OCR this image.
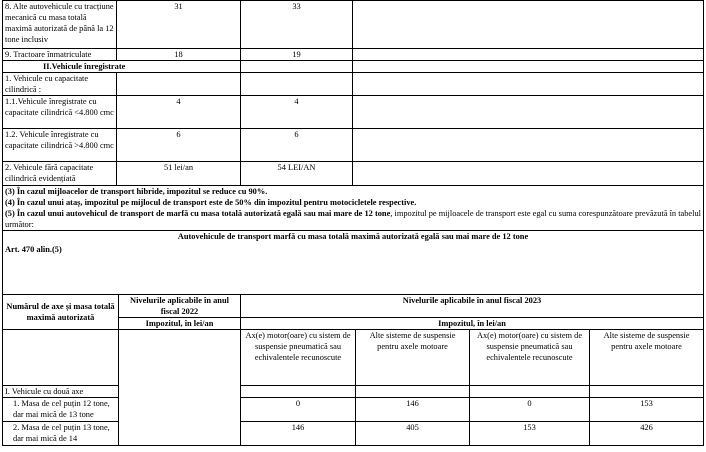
8. Alte autovehicule cu tracțiune mecanică cu masa totală maximă autorizată de până la 12 tone inclusiv	31	33	
9. Tractoare înmatriculate	18	19	
II.Vehicule înregistrate			
1. Vehicule cu capacitate cilindrică :			
1.1.Vehicule înregistrate cu capacitate cilindrică <4.800 cmc	4	4	
1.2. Vehicule înregistrate cu capacitate cilindrică >4.800 cmc	6	6	
2. Vehicule fără capacitate cilindrică evidențiată	51 lei/an	54 LEI/AN	

(3) În cazul mijloacelor de transport hibride, impozitul se reduce cu 90%.

(4) În cazul unui ataș, impozitul pe mijlocul de transport este de 50% din impozitul pentru motocicletele respective.

(5) În cazul unui autovehicul de transport de marfă cu masa totală autorizată egală sau mai mare de 12 tone, impozitul pe mijloacele de transport este egal cu suma corespunzătoare prevăzută în tabelul următor:			

Autovehicule de transport marfă cu masa totală maximă autorizată egală sau mai mare de 12 tone
Art. 470 alin.(5)					

Numărul de axe și masa totală maximă autorizată	Nivelurile aplicabile în anul fiscal 2022	Nivelurile aplicabile în anul fiscal 2023			
	Impozitul, în lei/an	Impozitul, în lei/an			
		Ax(e) motor(oare) cu sistem de suspensie pneumatică sau echivalentele recunoscute	Alte sisteme de suspensie pentru axele motoare	Ax(e) motor(oare) cu sistem de suspensie pneumatică sau echivalentele recunoscute	Alte sisteme de suspensie pentru axele motoare
I. Vehicule cu două axe					
1. Masa de cel puțin 12 tone, dar mai mică de 13 tone		0	146	0	153
2. Masa de cel puțin 13 tone, dar mai mică de 14		146	405	153	426
